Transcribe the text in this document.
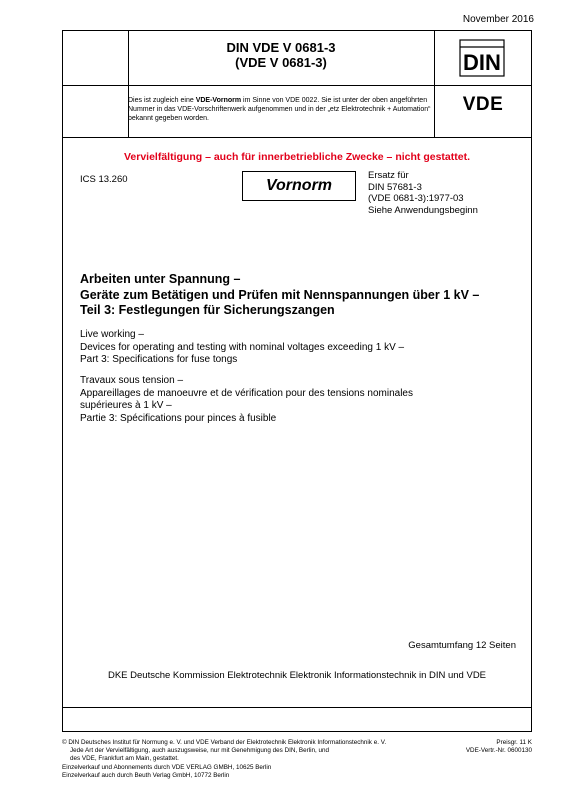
November 2016
DIN VDE V 0681-3
(VDE V 0681-3)	DIN
VDE
Dies ist zugleich eine VDE-Vornorm im Sinne von VDE 0022. Sie ist unter der oben angeführten Nummer in das VDE-Vorschriftenwerk aufgenommen und in der „etz Elektrotechnik + Automation“ bekannt gegeben worden.
Vervielfältigung – auch für innerbetriebliche Zwecke – nicht gestattet.
ICS 13.260	Vornorm
Ersatz für
DIN 57681-3
(VDE 0681-3):1977-03
Siehe Anwendungsbeginn
Arbeiten unter Spannung –
Geräte zum Betätigen und Prüfen mit Nennspannungen über 1 kV –
Teil 3: Festlegungen für Sicherungszangen
Live working –
Devices for operating and testing with nominal voltages exceeding 1 kV –
Part 3: Specifications for fuse tongs
Travaux sous tension –
Appareillages de manoeuvre et de vérification pour des tensions nominales
supérieures à 1 kV –
Partie 3: Spécifications pour pinces à fusible
Gesamtumfang 12 Seiten
DKE Deutsche Kommission Elektrotechnik Elektronik Informationstechnik in DIN und VDE
© DIN Deutsches Institut für Normung e. V. und VDE Verband der Elektrotechnik Elektronik Informationstechnik e. V.
Jede Art der Vervielfältigung, auch auszugsweise, nur mit Genehmigung des DIN, Berlin, und
des VDE, Frankfurt am Main, gestattet.
Einzelverkauf und Abonnements durch VDE VERLAG GMBH, 10625 Berlin
Einzelverkauf auch durch Beuth Verlag GmbH, 10772 Berlin
Preisgr. 11 K
VDE-Vertr.-Nr. 0600130
